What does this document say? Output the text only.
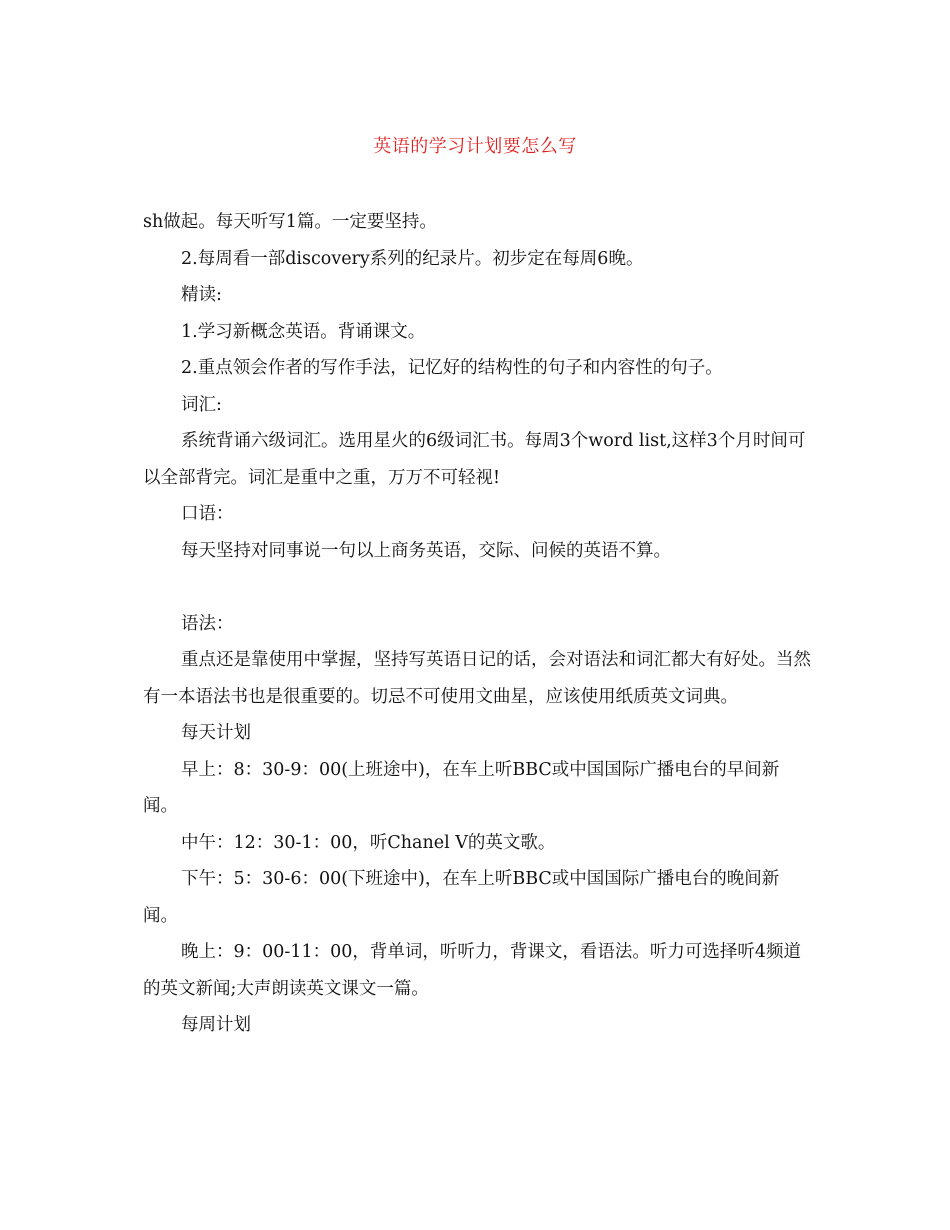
英语的学习计划要怎么写

sh做起。每天听写1篇。一定要坚持。

2.每周看一部discovery系列的纪录片。初步定在每周6晚。

精读:

1.学习新概念英语。背诵课文。

2.重点领会作者的写作手法，记忆好的结构性的句子和内容性的句子。

词汇:

系统背诵六级词汇。选用星火的6级词汇书。每周3个word list,这样3个月时间可以全部背完。词汇是重中之重，万万不可轻视!

口语：

每天坚持对同事说一句以上商务英语，交际、问候的英语不算。

语法：

重点还是靠使用中掌握，坚持写英语日记的话，会对语法和词汇都大有好处。当然有一本语法书也是很重要的。切忌不可使用文曲星，应该使用纸质英文词典。

每天计划

早上：8：30-9：00(上班途中)，在车上听BBC或中国国际广播电台的早间新闻。

中午：12：30-1：00，听Chanel V的英文歌。

下午：5：30-6：00(下班途中)，在车上听BBC或中国国际广播电台的晚间新闻。

晚上：9：00-11：00，背单词，听听力，背课文，看语法。听力可选择听4频道的英文新闻;大声朗读英文课文一篇。

每周计划
